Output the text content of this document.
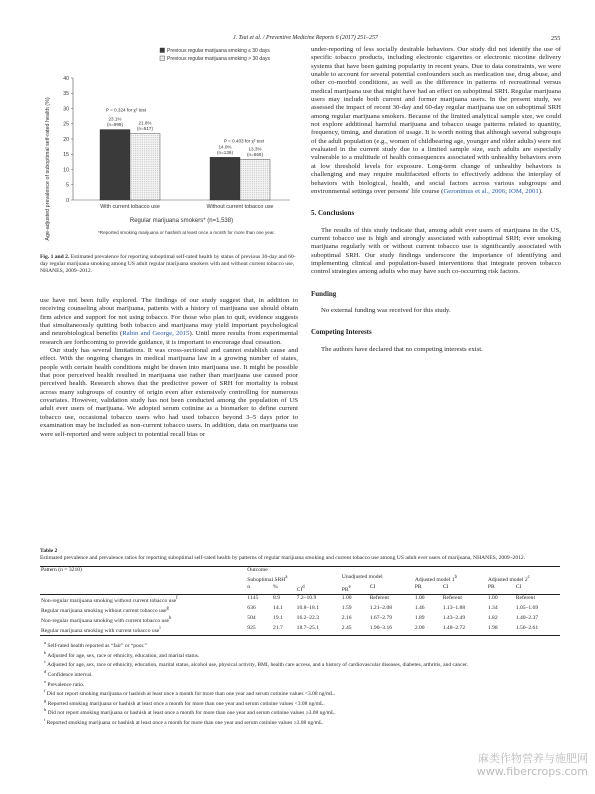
J. Tsai et al. / Preventive Medicine Reports 6 (2017) 251–257	255
0
5
10
15
20
25
30
35
40
Age-adjusted prevalence of suboptimal self-rated health (%)
Previous regular marijuana smoking ≤ 30 days
Previous regular marijuana smoking > 30 days
23.1%
(n=999)	21.8%
(n=517)
With current tobacco use
P = 0.324 for χ² test
14.0%
(n=139)
13.3%
(n=666)
Without current tobacco use
P = 0.403 for χ² test
Regular marijuana smokers* (n=1,538)
*Reported smoking marijuana or hashish at least once a month for more than one year.
Fig. 1 and 2. Estimated prevalence for reporting suboptimal self-rated health by status of previous 30-day and 60-day regular marijuana smoking among US adult regular marijuana smokers with and without current tobacco use, NHANES, 2009–2012.

use have not been fully explored. The findings of our study suggest that, in addition to receiving counseling about marijuana, patients with a history of marijuana use should obtain firm advice and support for not using tobacco. For those who plan to quit, evidence suggests that simultaneously quitting both tobacco and marijuana may yield important psychological and neurobiological benefits (Rabin and George, 2015). Until more results from experimental research are forthcoming to provide guidance, it is important to encourage dual cessation.

Our study has several limitations. It was cross-sectional and cannot establish cause and effect. With the ongoing changes in medical marijuana law in a growing number of states, people with certain health conditions might be drawn into marijuana use. It might be possible that poor perceived health resulted in marijuana use rather than marijuana use caused poor perceived health. Research shows that the predictive power of SRH for mortality is robust across many subgroups of country of origin even after extensively controlling for numerous covariates. However, validation study has not been conducted among the population of US adult ever users of marijuana. We adopted serum cotinine as a biomarker to define current tobacco use, occasional tobacco users who had used tobacco beyond 3–5 days prior to examination may be included as non-current tobacco users. In addition, data on marijuana use were self-reported and were subject to potential recall bias or

under-reporting of less socially desirable behaviors. Our study did not identify the use of specific tobacco products, including electronic cigarettes or electronic nicotine delivery systems that have been gaining popularity in recent years. Due to data constraints, we were unable to account for several potential confounders such as medication use, drug abuse, and other co-morbid conditions, as well as the difference in patterns of recreational versus medical marijuana use that might have had an effect on suboptimal SRH. Regular marijuana users may include both current and former marijuana users. In the present study, we assessed the impact of recent 30-day and 60-day regular marijuana use on suboptimal SRH among regular marijuana smokers. Because of the limited analytical sample size, we could not explore additional harmful marijuana and tobacco usage patterns related to quantity, frequency, timing, and duration of usage. It is worth noting that although several subgroups of the adult population (e.g., women of childbearing age, younger and older adults) were not evaluated in the current study due to a limited sample size, such adults are especially vulnerable to a multitude of health consequences associated with unhealthy behaviors even at low threshold levels for exposure. Long-term change of unhealthy behaviors is challenging and may require multifaceted efforts to effectively address the interplay of behaviors with biological, health, and social factors across various subgroups and environmental settings over persons' life course (Geronimus et al., 2006; IOM, 2001).

5. Conclusions

The results of this study indicate that, among adult ever users of marijuana in the US, current tobacco use is high and strongly associated with suboptimal SRH; ever smoking marijuana regularly with or without current tobacco use is significantly associated with suboptimal SRH. Our study findings underscore the importance of identifying and implementing clinical and population-based interventions that integrate proven tobacco control strategies among adults who may have such co-occurring risk factors.

Funding

No external funding was received for this study.

Competing Interests

The authors have declared that no competing interests exist.

Table 2
Estimated prevalence and prevalence ratios for reporting suboptimal self-rated health by patterns of regular marijuana smoking and current tobacco use among US adult ever users of marijuana, NHANES, 2009–2012.
Pattern (n = 3210)	Outcome								
	Suboptimal SRH$^a$			Unadjusted model		Adjusted model 1$^b$		Adjusted model 2$^c$
	n	%	$CI^d$	$PR^e$	CI	PR	CI	PR	CI
Non-regular marijuana smoking without current tobacco use$^f$	1145	8.9	7.2–10.9	1.00	Referent	1.00	Referent	1.00	Referent
Regular marijuana smoking without current tobacco use$^g$	636	14.1	10.8–18.1	1.59	1.21–2.08	1.46	1.13–1.88	1.34	1.05–1.69
Non-regular marijuana smoking with current tobacco use$^h$	504	19.1	16.2–22.3	2.16	1.67–2.79	1.89	1.43–2.49	1.82	1.40–2.37
Regular marijuana smoking with current tobacco use$^i$	925	21.7	18.7–25.1	2.45	1.90–3.16	2.00	1.48–2.72	1.98	1.50–2.61
$^a$ Self-rated health reported as “fair” or “poor.”
$^b$ Adjusted for age, sex, race or ethnicity, education, and marital status.
$^c$ Adjusted for age, sex, race or ethnicity, education, marital status, alcohol use, physical activity, BMI, health care access, and a history of cardiovascular diseases, diabetes, arthritis, and cancer.
$^d$ Confidence interval.
$^e$ Prevalence ratio.
$^f$ Did not report smoking marijuana or hashish at least once a month for more than one year and serum cotinine values <3.08 ng/mL.
$^g$ Reported smoking marijuana or hashish at least once a month for more than one year and serum cotinine values <3.08 ng/mL.
$^h$ Did not report smoking marijuana or hashish at least once a month for more than one year and serum cotinine values ≥3.08 ng/mL.
$^i$ Reported smoking marijuana or hashish at least once a month for more than one year and serum cotinine values ≥3.08 ng/mL.
麻类作物营养与施肥网
www.fibercrops.com
